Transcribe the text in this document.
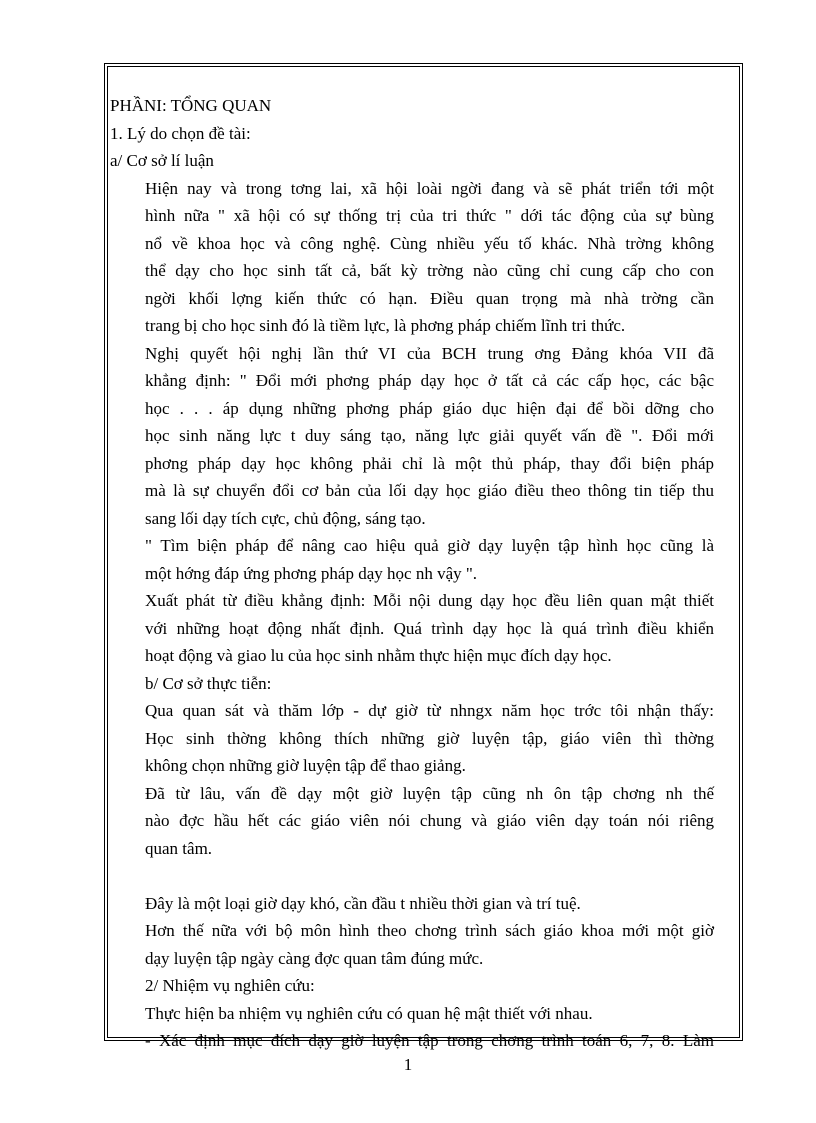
PHẦNI: TỔNG QUAN
1. Lý do chọn đề tài:
a/ Cơ sở lí luận
Hiện nay và trong tơng lai, xã hội loài ngời đang và sẽ phát triển tới một
hình nữa " xã hội có sự thống trị của tri thức " dới tác động của sự bùng
nổ về khoa học và công nghệ. Cùng nhiều yếu tố khác. Nhà trờng không
thể dạy cho học sinh tất cả, bất kỳ trờng nào cũng chỉ cung cấp cho con
ngời khối lợng kiến thức có hạn. Điều quan trọng mà nhà trờng cần
trang bị cho học sinh đó là tiềm lực, là phơng pháp chiếm lĩnh tri thức.
Nghị quyết hội nghị lần thứ VI của BCH trung ơng Đảng khóa VII đã
khẳng định: " Đổi mới phơng pháp dạy học ở tất cả các cấp học, các bậc
học . . . áp dụng những phơng pháp giáo dục hiện đại để bồi dỡng cho
học sinh năng lực t duy sáng tạo, năng lực giải quyết vấn đề ". Đổi mới
phơng pháp dạy học không phải chỉ là một thủ pháp, thay đổi biện pháp
mà là sự chuyển đổi cơ bản của lối dạy học giáo điều theo thông tin tiếp thu
sang lối dạy tích cực, chủ động, sáng tạo.
" Tìm biện pháp để nâng cao hiệu quả giờ dạy luyện tập hình học cũng là
một hớng đáp ứng phơng pháp dạy học nh vậy ".
Xuất phát từ điều khẳng định: Mỗi nội dung dạy học đều liên quan mật thiết
với những hoạt động nhất định. Quá trình dạy học là quá trình điều khiển
hoạt động và giao lu của học sinh nhằm thực hiện mục đích dạy học.
b/ Cơ sở thực tiễn:
Qua quan sát và thăm lớp - dự giờ từ nhngx năm học trớc tôi nhận thấy:
Học sinh thờng không thích những giờ luyện tập, giáo viên thì thờng
không chọn những giờ luyện tập để thao giảng.
Đã từ lâu, vấn đề dạy một giờ luyện tập cũng nh ôn tập chơng nh thế
nào đợc hầu hết các giáo viên nói chung và giáo viên dạy toán nói riêng
quan tâm.
Đây là một loại giờ dạy khó, cần đầu t nhiều thời gian và trí tuệ.
Hơn thế nữa với bộ môn hình theo chơng trình sách giáo khoa mới một giờ
dạy luyện tập ngày càng đợc quan tâm đúng mức.
2/ Nhiệm vụ nghiên cứu:
Thực hiện ba nhiệm vụ nghiên cứu có quan hệ mật thiết với nhau.
- Xác định mục đích dạy giờ luyện tập trong chơng trình toán 6, 7, 8. Làm
1
